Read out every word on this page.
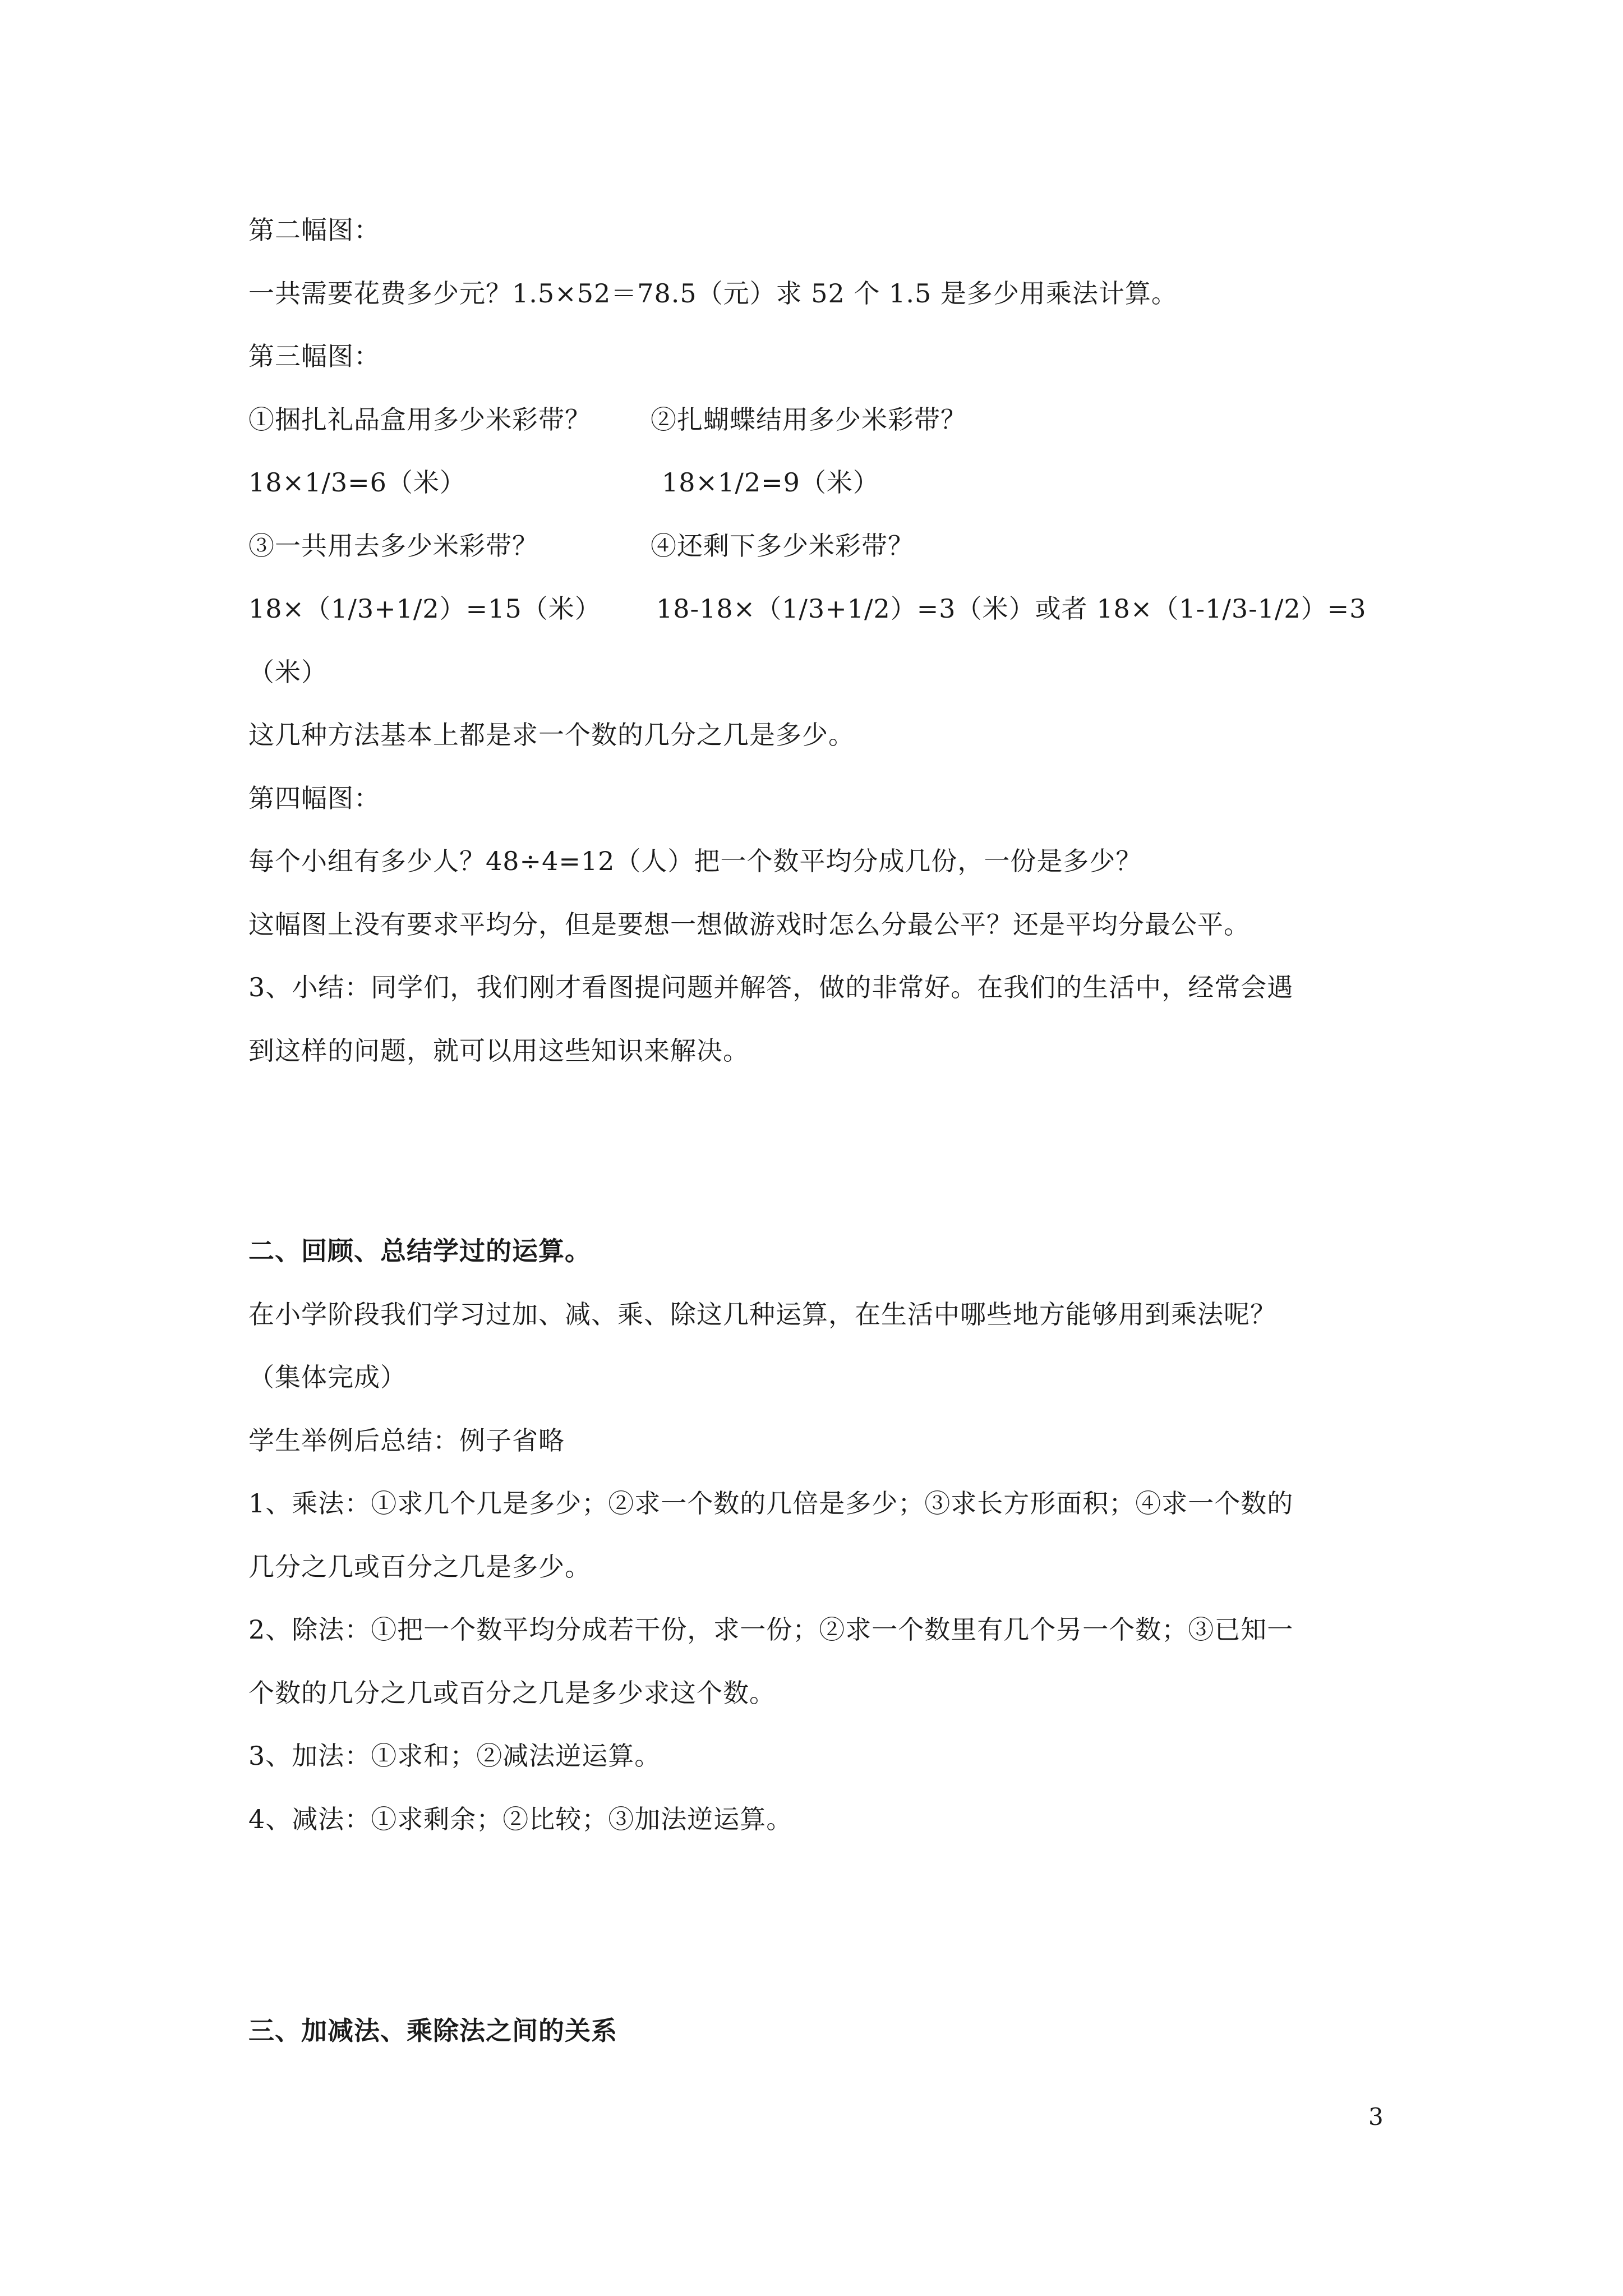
第二幅图：
一共需要花费多少元？1.5×52＝78.5（元）求 52 个 1.5 是多少用乘法计算。
第三幅图：
①捆扎礼品盒用多少米彩带？ ②扎蝴蝶结用多少米彩带？
18×1/3=6（米）	18×1/2=9（米）
③一共用去多少米彩带？	④还剩下多少米彩带？
18×（1/3+1/2）=15（米） 18-18×（1/3+1/2）=3（米）或者 18×（1-1/3-1/2）=3
（米）
这几种方法基本上都是求一个数的几分之几是多少。
第四幅图：
每个小组有多少人？48÷4=12（人）把一个数平均分成几份，一份是多少？
这幅图上没有要求平均分，但是要想一想做游戏时怎么分最公平？还是平均分最公平。
3、小结：同学们，我们刚才看图提问题并解答，做的非常好。在我们的生活中，经常会遇
到这样的问题，就可以用这些知识来解决。
二、回顾、总结学过的运算。
在小学阶段我们学习过加、减、乘、除这几种运算，在生活中哪些地方能够用到乘法呢？
（集体完成）
学生举例后总结：例子省略
1、乘法：①求几个几是多少；②求一个数的几倍是多少；③求长方形面积；④求一个数的
几分之几或百分之几是多少。
2、除法：①把一个数平均分成若干份，求一份；②求一个数里有几个另一个数；③已知一
个数的几分之几或百分之几是多少求这个数。
3、加法：①求和；②减法逆运算。
4、减法：①求剩余；②比较；③加法逆运算。
三、加减法、乘除法之间的关系
3
